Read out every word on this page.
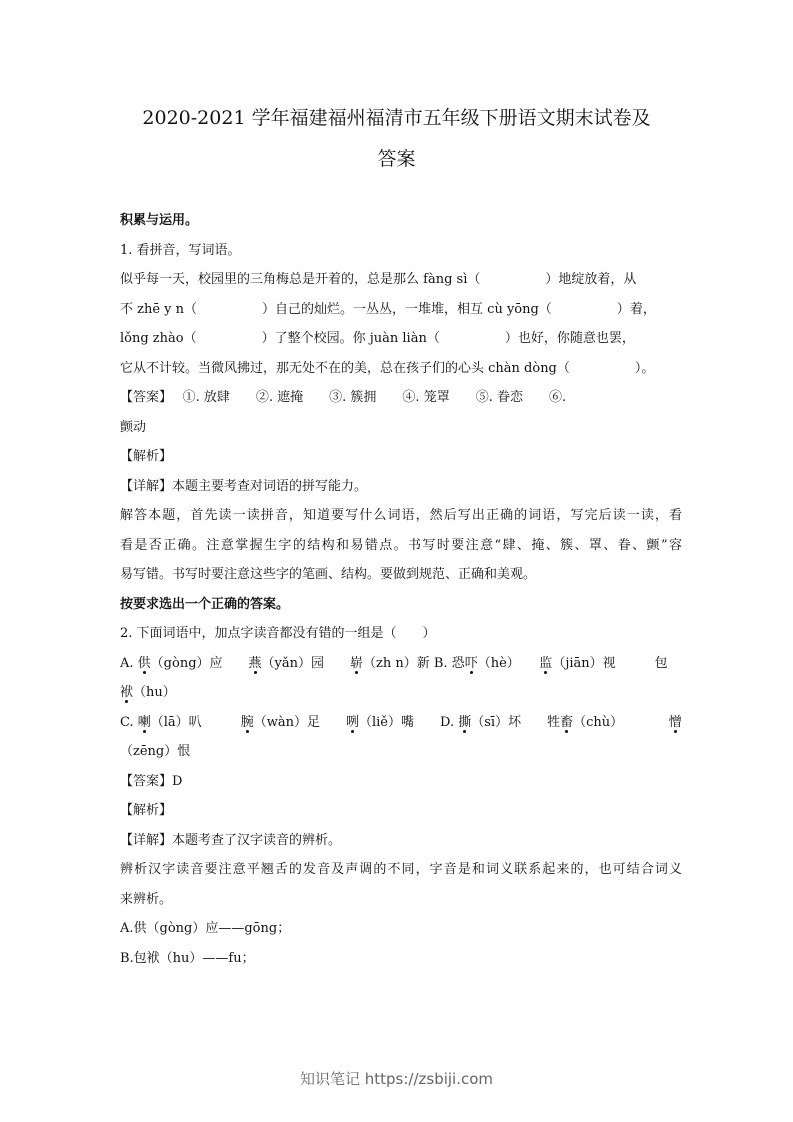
2020-2021 学年福建福州福清市五年级下册语文期末试卷及
答案

积累与运用。

1. 看拼音，写词语。

似乎每一天，校园里的三角梅总是开着的，总是那么 fàng sì（　　　　　）地绽放着，从

不 zhē y n（　　　　　）自己的灿烂。一丛丛，一堆堆，相互 cù yōng（　　　　　）着，

lǒng zhào（　　　　　）了整个校园。你 juàn liàn（　　　　　）也好，你随意也罢，

它从不计较。当微风拂过，那无处不在的美，总在孩子们的心头 chàn dòng（　　　　　）。

【答案】　 ①. 放肆　　②. 遮掩　　③. 簇拥　　④. 笼罩　　⑤. 眷恋　　⑥.

颤动

【解析】

【详解】本题主要考查对词语的拼写能力。

解答本题，首先读一读拼音，知道要写什么词语，然后写出正确的词语，写完后读一读，看

看是否正确。注意掌握生字的结构和易错点。书写时要注意“肆、掩、簇、罩、眷、颤”容

易写错。书写时要注意这些字的笔画、结构。要做到规范、正确和美观。

按要求选出一个正确的答案。

2. 下面词语中，加点字读音都没有错的一组是（　　）

A. 供（gòng）应　　燕（yǎn）园　　崭（zh n）新 B. 恐吓（hè）　　监（jiān）视　　　包

袱（hu）

C. 喇（lā）叭　　　腕（wàn）足　　咧（liě）嘴　　D. 撕（sī）坏　　牲畜（chù）　　　　憎

（zēng）恨

【答案】D

【解析】

【详解】本题考查了汉字读音的辨析。

辨析汉字读音要注意平翘舌的发音及声调的不同，字音是和词义联系起来的，也可结合词义

来辨析。

A.供（gòng）应——gōng；

B.包袱（hu）——fu；

知识笔记 https://zsbiji.com
